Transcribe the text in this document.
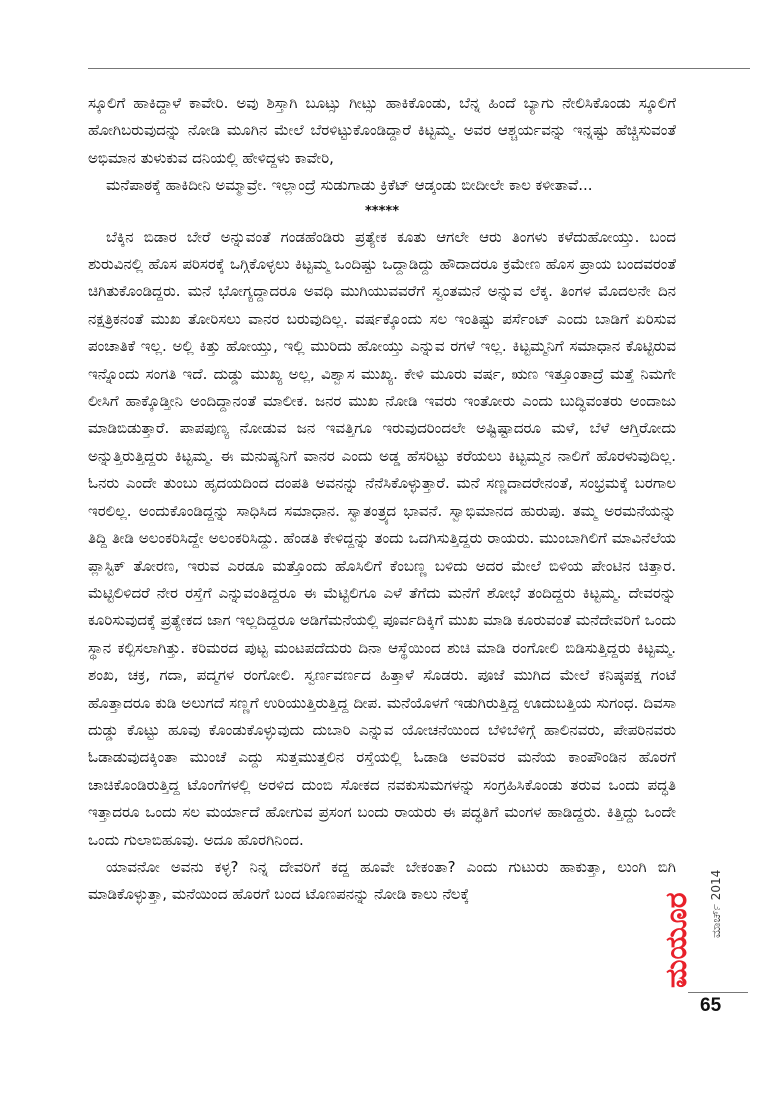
ಸ್ಕೂಲಿಗೆ ಹಾಕಿದ್ದಾಳೆ ಕಾವೇರಿ. ಅವು ಶಿಸ್ತಾಗಿ ಬೂಟ್ಸು ಗೀಟ್ಸು ಹಾಕಿಕೊಂಡು, ಬೆನ್ನ ಹಿಂದೆ ಬ್ಯಾಗು ನೇಲಿಸಿಕೊಂಡು ಸ್ಕೂಲಿಗೆ ಹೋಗಿಬರುವುದನ್ನು ನೋಡಿ ಮೂಗಿನ ಮೇಲೆ ಬೆರಳಿಟ್ಟುಕೊಂಡಿದ್ದಾರೆ ಕಿಟ್ಟಮ್ಮ. ಅವರ ಆಶ್ಚರ್ಯವನ್ನು ಇನ್ನಷ್ಟು ಹೆಚ್ಚಿಸುವಂತೆ ಅಭಿಮಾನ ತುಳುಕುವ ದನಿಯಲ್ಲಿ ಹೇಳಿದ್ದಳು ಕಾವೇರಿ,

ಮನೆಪಾಠಕ್ಕೆ ಹಾಕಿದೀನಿ ಅಮ್ಮಾವ್ರೇ. ಇಲ್ಲಾಂದ್ರೆ ಸುಡುಗಾಡು ಕ್ರಿಕೆಟ್ ಆಡ್ಕಂಡು ಬೀದೀಲೇ ಕಾಲ ಕಳೀತಾವೆ...

*****

ಬೆಕ್ಕಿನ ಬಿಡಾರ ಬೇರೆ ಅನ್ನುವಂತೆ ಗಂಡಹೆಂಡಿರು ಪ್ರತ್ಯೇಕ ಕೂತು ಆಗಲೇ ಆರು ತಿಂಗಳು ಕಳೆದುಹೋಯ್ತು. ಬಂದ ಶುರುವಿನಲ್ಲಿ ಹೊಸ ಪರಿಸರಕ್ಕೆ ಒಗ್ಗಿಕೊಳ್ಳಲು ಕಿಟ್ಟಮ್ಮ ಒಂದಿಷ್ಟು ಒದ್ದಾಡಿದ್ದು ಹೌದಾದರೂ ಕ್ರಮೇಣ ಹೊಸ ಪ್ರಾಯ ಬಂದವರಂತೆ ಚಿಗಿತುಕೊಂಡಿದ್ದರು. ಮನೆ ಭೋಗ್ಯದ್ದಾದರೂ ಅವಧಿ ಮುಗಿಯುವವರೆಗೆ ಸ್ವಂತಮನೆ ಅನ್ನುವ ಲೆಕ್ಕ. ತಿಂಗಳ ಮೊದಲನೇ ದಿನ ನಕ್ಷತ್ರಿಕನಂತೆ ಮುಖ ತೋರಿಸಲು ವಾನರ ಬರುವುದಿಲ್ಲ. ವರ್ಷಕ್ಕೊಂದು ಸಲ ಇಂತಿಷ್ಟು ಪರ್ಸೆಂಟ್ ಎಂದು ಬಾಡಿಗೆ ಏರಿಸುವ ಪಂಚಾತಿಕೆ ಇಲ್ಲ. ಅಲ್ಲಿ ಕಿತ್ತು ಹೋಯ್ತು, ಇಲ್ಲಿ ಮುರಿದು ಹೋಯ್ತು ಎನ್ನುವ ರಗಳೆ ಇಲ್ಲ. ಕಿಟ್ಟಮ್ಮನಿಗೆ ಸಮಾಧಾನ ಕೊಟ್ಟಿರುವ ಇನ್ನೊಂದು ಸಂಗತಿ ಇದೆ. ದುಡ್ಡು ಮುಖ್ಯ ಅಲ್ಲ, ವಿಶ್ವಾಸ ಮುಖ್ಯ. ಕೇಳಿ ಮೂರು ವರ್ಷ, ಋಣ ಇತ್ತೂಂತಾದ್ರೆ ಮತ್ತೆ ನಿಮಗೇ ಲೀಸಿಗೆ ಹಾಕ್ಕೊಡ್ತೀನಿ ಅಂದಿದ್ದಾನಂತೆ ಮಾಲೀಕ. ಜನರ ಮುಖ ನೋಡಿ ಇವರು ಇಂತೋರು ಎಂದು ಬುದ್ಧಿವಂತರು ಅಂದಾಜು ಮಾಡಿಬಿಡುತ್ತಾರೆ. ಪಾಪಪುಣ್ಯ ನೋಡುವ ಜನ ಇವತ್ತಿಗೂ ಇರುವುದರಿಂದಲೇ ಅಷ್ಟಿಷ್ಟಾದರೂ ಮಳೆ, ಬೆಳೆ ಆಗ್ತಿರೋದು ಅನ್ನುತ್ತಿರುತ್ತಿದ್ದರು ಕಿಟ್ಟಮ್ಮ. ಈ ಮನುಷ್ಯನಿಗೆ ವಾನರ ಎಂದು ಅಡ್ಡ ಹೆಸರಿಟ್ಟು ಕರೆಯಲು ಕಿಟ್ಟಮ್ಮನ ನಾಲಿಗೆ ಹೊರಳುವುದಿಲ್ಲ. ಓನರು ಎಂದೇ ತುಂಬು ಹೃದಯದಿಂದ ದಂಪತಿ ಅವನನ್ನು ನೆನೆಸಿಕೊಳ್ಳುತ್ತಾರೆ. ಮನೆ ಸಣ್ಣದಾದರೇನಂತೆ, ಸಂಭ್ರಮಕ್ಕೆ ಬರಗಾಲ ಇರಲಿಲ್ಲ. ಅಂದುಕೊಂಡಿದ್ದನ್ನು ಸಾಧಿಸಿದ ಸಮಾಧಾನ. ಸ್ವಾತಂತ್ರ್ಯದ ಭಾವನೆ. ಸ್ವಾಭಿಮಾನದ ಹುರುಪು. ತಮ್ಮ ಅರಮನೆಯನ್ನು ತಿದ್ದಿ ತೀಡಿ ಅಲಂಕರಿಸಿದ್ದೇ ಅಲಂಕರಿಸಿದ್ದು. ಹೆಂಡತಿ ಕೇಳಿದ್ದನ್ನು ತಂದು ಒದಗಿಸುತ್ತಿದ್ದರು ರಾಯರು. ಮುಂಬಾಗಿಲಿಗೆ ಮಾವಿನೆಲೆಯ ಪ್ಲಾಸ್ಟಿಕ್ ತೋರಣ, ಇರುವ ಎರಡೂ ಮತ್ತೊಂದು ಹೊಸಿಲಿಗೆ ಕೆಂಬಣ್ಣ ಬಳಿದು ಅದರ ಮೇಲೆ ಬಿಳಿಯ ಪೇಂಟಿನ ಚಿತ್ತಾರ. ಮೆಟ್ಟಿಲಿಳಿದರೆ ನೇರ ರಸ್ತೆಗೆ ಎನ್ನುವಂತಿದ್ದರೂ ಈ ಮೆಟ್ಟಿಲಿಗೂ ಎಳೆ ತೆಗೆದು ಮನೆಗೆ ಶೋಭೆ ತಂದಿದ್ದರು ಕಿಟ್ಟಮ್ಮ. ದೇವರನ್ನು ಕೂರಿಸುವುದಕ್ಕೆ ಪ್ರತ್ಯೇಕದ ಜಾಗ ಇಲ್ಲದಿದ್ದರೂ ಅಡಿಗೆಮನೆಯಲ್ಲಿ ಪೂರ್ವದಿಕ್ಕಿಗೆ ಮುಖ ಮಾಡಿ ಕೂರುವಂತೆ ಮನೆದೇವರಿಗೆ ಒಂದು ಸ್ಥಾನ ಕಲ್ಪಿಸಲಾಗಿತ್ತು. ಕರಿಮರದ ಪುಟ್ಟ ಮಂಟಪದೆದುರು ದಿನಾ ಆಸ್ಥೆಯಿಂದ ಶುಚಿ ಮಾಡಿ ರಂಗೋಲಿ ಬಿಡಿಸುತ್ತಿದ್ದರು ಕಿಟ್ಟಮ್ಮ. ಶಂಖ, ಚಕ್ರ, ಗದಾ, ಪದ್ಮಗಳ ರಂಗೋಲಿ. ಸ್ವರ್ಣವರ್ಣದ ಹಿತ್ತಾಳೆ ಸೊಡರು. ಪೂಜೆ ಮುಗಿದ ಮೇಲೆ ಕನಿಷ್ಠಪಕ್ಷ ಗಂಟೆ ಹೊತ್ತಾದರೂ ಕುಡಿ ಅಲುಗದೆ ಸಣ್ಣಗೆ ಉರಿಯುತ್ತಿರುತ್ತಿದ್ದ ದೀಪ. ಮನೆಯೊಳಗೆ ಇಡುಗಿರುತ್ತಿದ್ದ ಊದುಬತ್ತಿಯ ಸುಗಂಧ. ದಿವಸಾ ದುಡ್ಡು ಕೊಟ್ಟು ಹೂವು ಕೊಂಡುಕೊಳ್ಳುವುದು ದುಬಾರಿ ಎನ್ನುವ ಯೋಚನೆಯಿಂದ ಬೆಳಿಬೆಳಿಗ್ಗೆ ಹಾಲಿನವರು, ಪೇಪರಿನವರು ಓಡಾಡುವುದಕ್ಕಿಂತಾ ಮುಂಚೆ ಎದ್ದು ಸುತ್ತಮುತ್ತಲಿನ ರಸ್ತೆಯಲ್ಲಿ ಓಡಾಡಿ ಅವರಿವರ ಮನೆಯ ಕಾಂಪೌಂಡಿನ ಹೊರಗೆ ಚಾಚಿಕೊಂಡಿರುತ್ತಿದ್ದ ಟೊಂಗೆಗಳಲ್ಲಿ ಅರಳಿದ ದುಂಬಿ ಸೋಕದ ನವಕುಸುಮಗಳನ್ನು ಸಂಗ್ರಹಿಸಿಕೊಂಡು ತರುವ ಒಂದು ಪದ್ಧತಿ ಇತ್ತಾದರೂ ಒಂದು ಸಲ ಮರ್ಯಾದೆ ಹೋಗುವ ಪ್ರಸಂಗ ಬಂದು ರಾಯರು ಈ ಪದ್ಧತಿಗೆ ಮಂಗಳ ಹಾಡಿದ್ದರು. ಕಿತ್ತಿದ್ದು ಒಂದೇ ಒಂದು ಗುಲಾಬಿಹೂವು. ಅದೂ ಹೊರಗಿನಿಂದ.

ಯಾವನೋ ಅವನು ಕಳ್ಳ? ನಿನ್ನ ದೇವರಿಗೆ ಕದ್ದ ಹೂವೇ ಬೇಕಂತಾ? ಎಂದು ಗುಟುರು ಹಾಕುತ್ತಾ, ಲುಂಗಿ ಬಿಗಿ ಮಾಡಿಕೊಳ್ಳುತ್ತಾ, ಮನೆಯಿಂದ ಹೊರಗೆ ಬಂದ ಟೊಣಪನನ್ನು ನೋಡಿ ಕಾಲು ನೆಲಕ್ಕೆ	ಮಯೂರ ಮಾರ್ಚ್ 2014
65
